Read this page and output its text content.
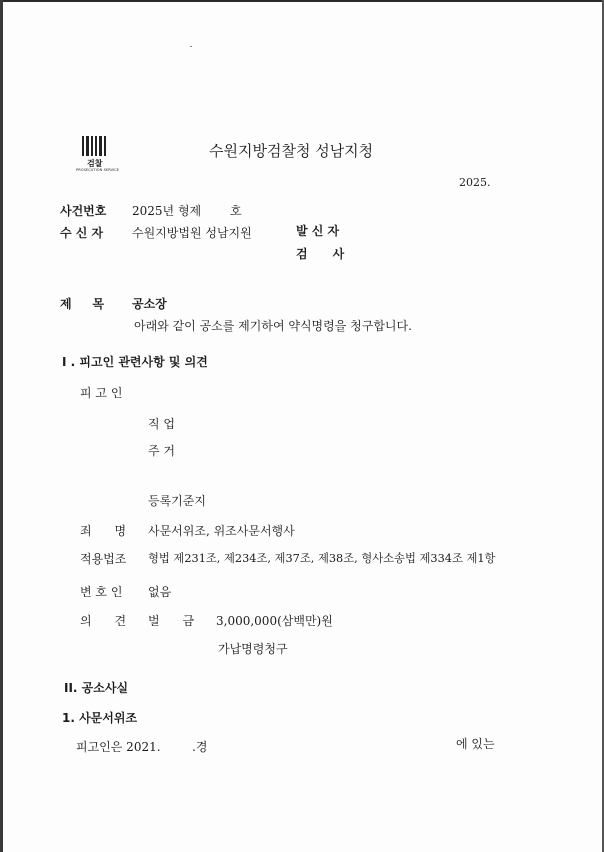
검찰
PROSECUTION SERVICE
수원지방검찰청 성남지청
2025.
사건번호 2025년 형제 호
수 신 자 수원지방법원 성남지원	발 신 자
검      사
제     목 공소장
아래와 같이 공소를 제기하여 약식명령을 청구합니다.
I . 피고인 관련사항 및 의견
피 고 인
직 업
주 거
등록기준지
죄      명 사문서위조, 위조사문서행사
적용법조 형법 제231조, 제234조, 제37조, 제38조, 형사소송법 제334조 제1항
변 호 인 없음
의      견 벌      금 3,000,000(삼백만)원
가납명령청구
II. 공소사실
1. 사문서위조
피고인은 2021.	.경	에 있는
